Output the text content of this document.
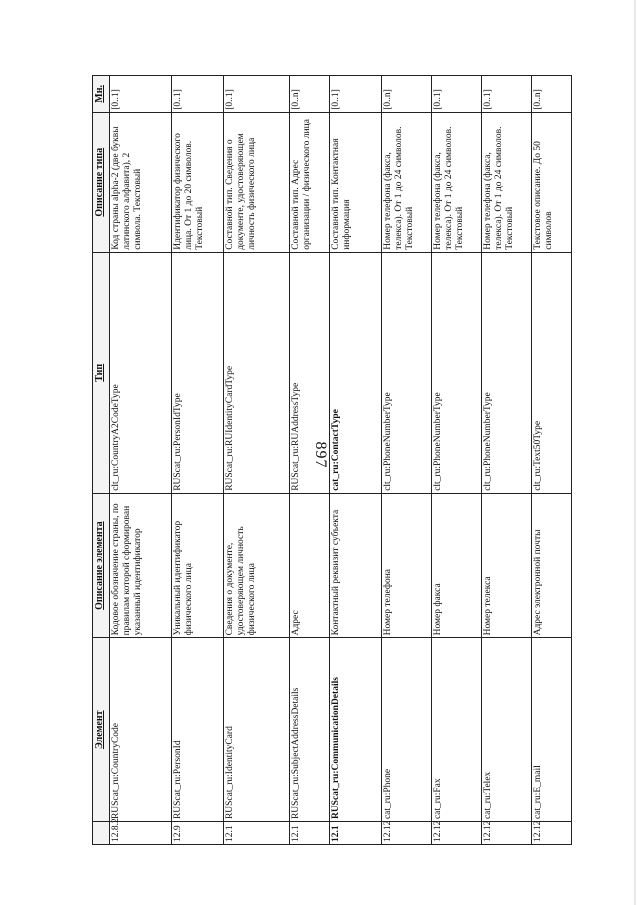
897
	Элемент	Описание элемента	Тип	Описание типа	Мн.
12.8.2	RUScat_ru:CountryCode	Кодовое обозначение страны, по правилам которой сформирован указанный идентификатор	clt_ru:CountryA2CodeType	Код страны alpha-2 (две буквы латинского алфавита), 2 символа. Текстовый	[0..1]
12.9	RUScat_ru:PersonId	Уникальный идентификатор физического лица	RUScat_ru:PersonIdType	Идентификатор физического лица. От 1 до 20 символов. Текстовый	[0..1]
12.1	RUScat_ru:IdentityCard	Сведения о документе, удостоверяющем личность физического лица	RUScat_ru:RUIdentityCardType	Составной тип. Сведения о документе, удостоверяющем личность физического лица	[0..1]
12.1	RUScat_ru:SubjectAddressDetails	Адрес	RUScat_ru:RUAddressType	Составной тип. Адрес организации / физического лица	[0..n]
12.1	RUScat_ru:CommunicationDetails	Контактный реквизит субъекта	cat_ru:ContactType	Составной тип. Контактная информация	[0..1]
12.12	cat_ru:Phone	Номер телефона	clt_ru:PhoneNumberType	Номер телефона (факса, телекса). От 1 до 24 символов. Текстовый	[0..n]
12.12	cat_ru:Fax	Номер факса	clt_ru:PhoneNumberType	Номер телефона (факса, телекса). От 1 до 24 символов. Текстовый	[0..1]
12.12	cat_ru:Telex	Номер телекса	clt_ru:PhoneNumberType	Номер телефона (факса, телекса). От 1 до 24 символов. Текстовый	[0..1]
12.12	cat_ru:E_mail	Адрес электронной почты	clt_ru:Text50Type	Текстовое описание. До 50 символов	[0..n]
